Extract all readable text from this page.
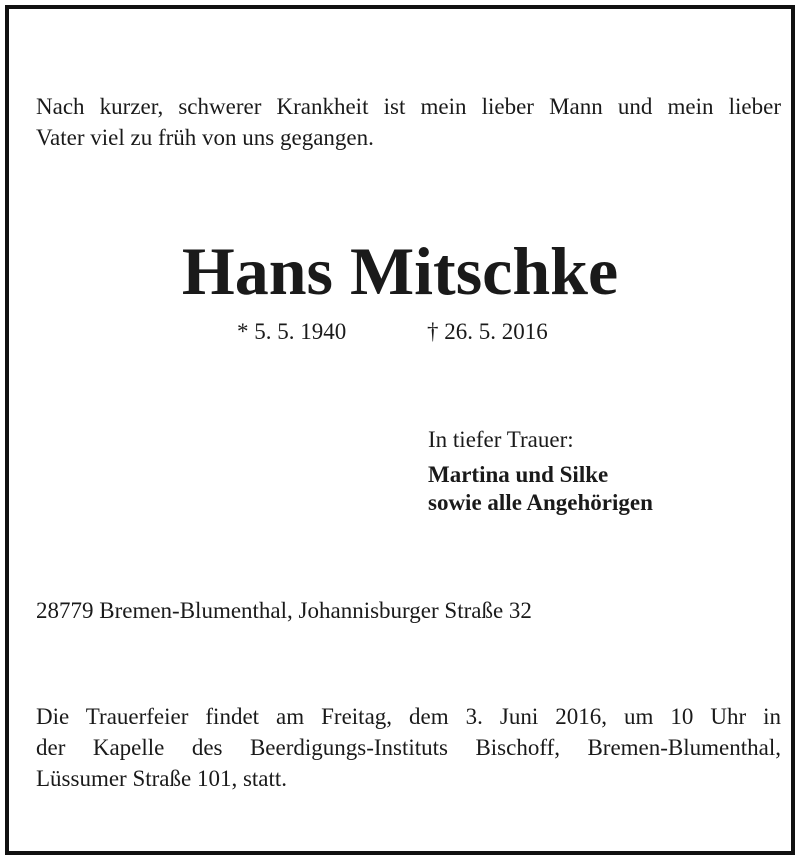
Nach kurzer, schwerer Krankheit ist mein lieber Mann und mein lieber
Vater viel zu früh von uns gegangen.
Hans Mitschke
* 5. 5. 1940	† 26. 5. 2016
In tiefer Trauer:
Martina und Silke
sowie alle Angehörigen
28779 Bremen-Blumenthal, Johannisburger Straße 32
Die Trauerfeier findet am Freitag, dem 3. Juni 2016, um 10 Uhr in
der Kapelle des Beerdigungs-Instituts Bischoff, Bremen-Blumenthal,
Lüssumer Straße 101, statt.
